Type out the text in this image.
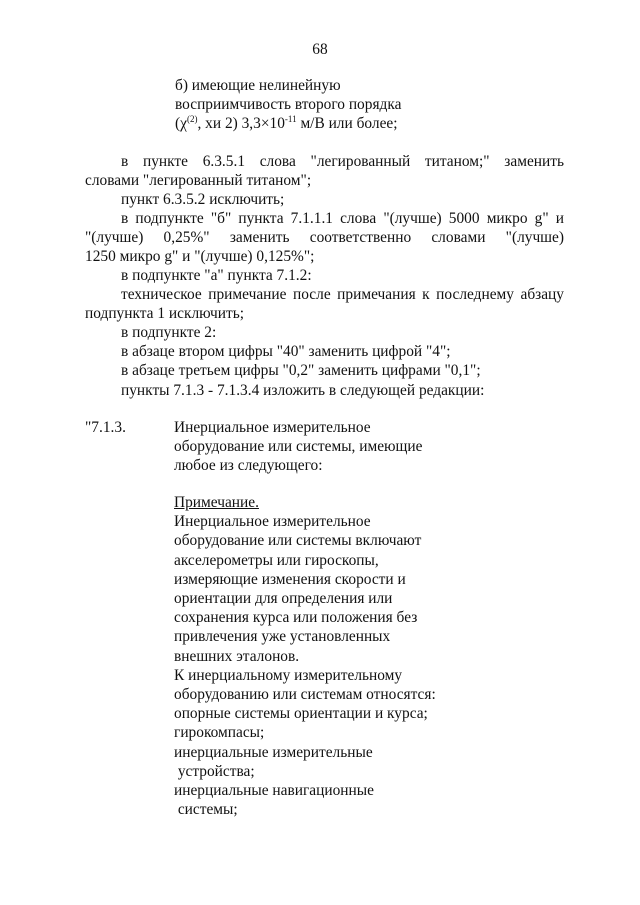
68
б) имеющие нелинейную
восприимчивость второго порядка
($\chi^{(2)}$, хи 2) $3,3\times 10^{-11}$ м/В или более;
в пункте 6.3.5.1 слова "легированный титаном;" заменить
словами "легированный титаном";
пункт 6.3.5.2 исключить;
в подпункте "б" пункта 7.1.1.1 слова "(лучше) 5000 микро g" и
"(лучше) 0,25%" заменить соответственно словами "(лучше)
1250 микро g" и "(лучше) 0,125%";
в подпункте "а" пункта 7.1.2:
техническое примечание после примечания к последнему абзацу
подпункта 1 исключить;
в подпункте 2:
в абзаце втором цифры "40" заменить цифрой "4";
в абзаце третьем цифры "0,2" заменить цифрами "0,1";
пункты 7.1.3 - 7.1.3.4 изложить в следующей редакции:
"7.1.3.	Инерциальное измерительное
оборудование или системы, имеющие
любое из следующего:
Примечание.
Инерциальное измерительное
оборудование или системы включают
акселерометры или гироскопы,
измеряющие изменения скорости и
ориентации для определения или
сохранения курса или положения без
привлечения уже установленных
внешних эталонов.
К инерциальному измерительному
оборудованию или системам относятся:
опорные системы ориентации и курса;
гирокомпасы;
инерциальные измерительные
устройства;
инерциальные навигационные
системы;
